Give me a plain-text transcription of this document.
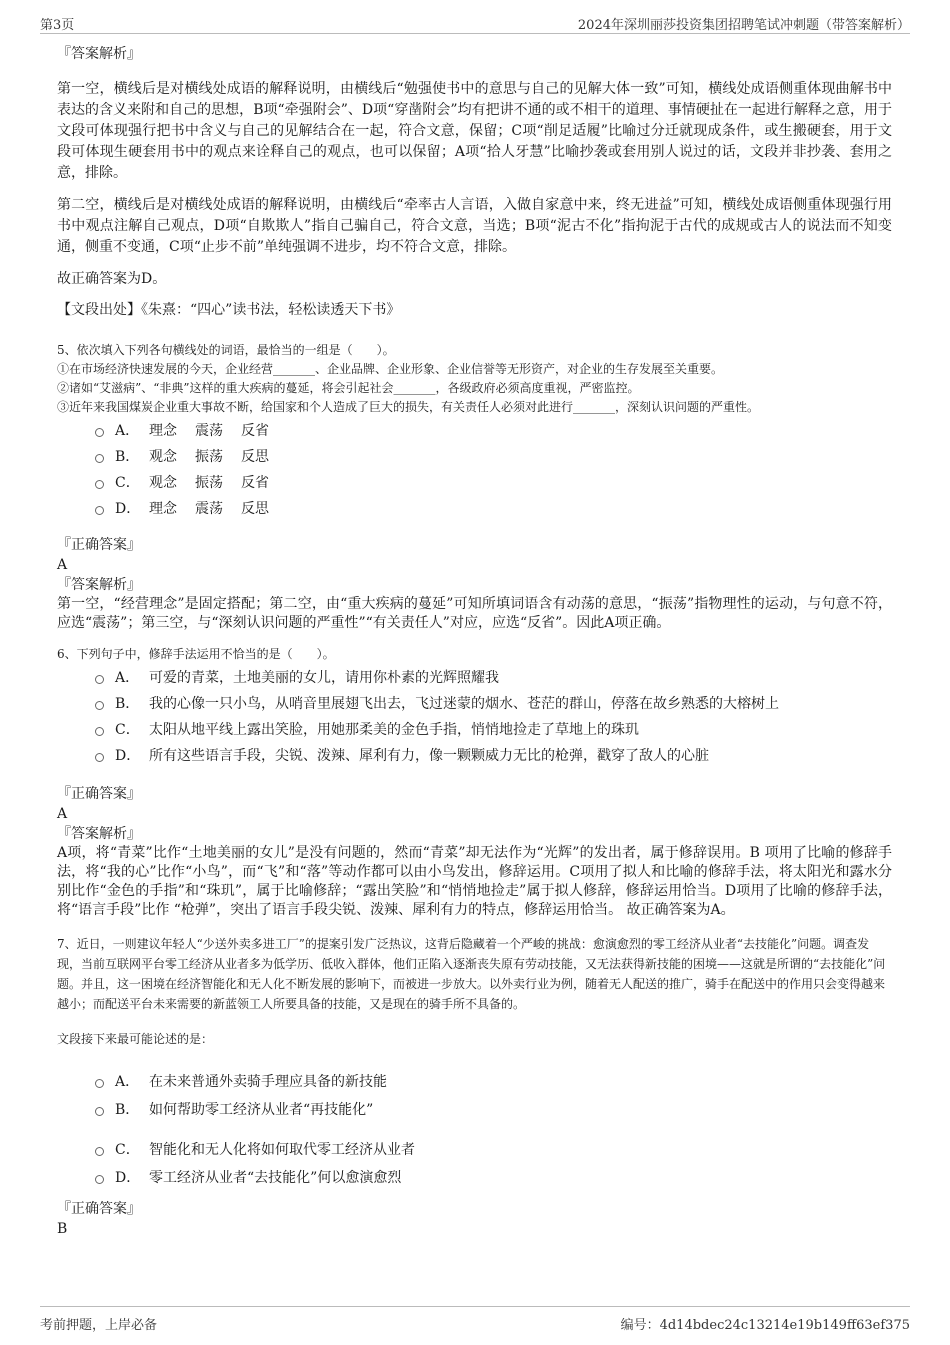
第3页	2024年深圳丽莎投资集团招聘笔试冲刺题（带答案解析）

『答案解析』

第一空，横线后是对横线处成语的解释说明，由横线后“勉强使书中的意思与自己的见解大体一致”可知，横线处成语侧重体现曲解书中表达的含义来附和自己的思想，B项“牵强附会”、D项“穿凿附会”均有把讲不通的或不相干的道理、事情硬扯在一起进行解释之意，用于文段可体现强行把书中含义与自己的见解结合在一起，符合文意，保留；C项“削足适履”比喻过分迁就现成条件，或生搬硬套，用于文段可体现生硬套用书中的观点来诠释自己的观点，也可以保留；A项“拾人牙慧”比喻抄袭或套用别人说过的话，文段并非抄袭、套用之意，排除。

第二空，横线后是对横线处成语的解释说明，由横线后“牵率古人言语，入做自家意中来，终无进益”可知，横线处成语侧重体现强行用书中观点注解自己观点，D项“自欺欺人”指自己骗自己，符合文意，当选；B项“泥古不化”指拘泥于古代的成规或古人的说法而不知变通，侧重不变通，C项“止步不前”单纯强调不进步，均不符合文意，排除。

故正确答案为D。

【文段出处】《朱熹：“四心”读书法，轻松读透天下书》

5、依次填入下列各句横线处的词语，最恰当的一组是（　　）。

①在市场经济快速发展的今天，企业经营_______、企业品牌、企业形象、企业信誉等无形资产，对企业的生存发展至关重要。

②诸如“艾滋病”、“非典”这样的重大疾病的蔓延，将会引起社会_______，各级政府必须高度重视，严密监控。

③近年来我国煤炭企业重大事故不断，给国家和个人造成了巨大的损失，有关责任人必须对此进行_______，深刻认识问题的严重性。

A． 理念 震荡 反省
B． 观念 振荡 反思
C． 观念 振荡 反省
D． 理念 震荡 反思

『正确答案』

A

『答案解析』

第一空，“经营理念”是固定搭配；第二空，由“重大疾病的蔓延”可知所填词语含有动荡的意思，“振荡”指物理性的运动，与句意不符，应选“震荡”；第三空，与“深刻认识问题的严重性”“有关责任人”对应，应选“反省”。因此A项正确。

6、下列句子中，修辞手法运用不恰当的是（　　）。

A． 可爱的青菜，土地美丽的女儿，请用你朴素的光辉照耀我
B． 我的心像一只小鸟，从哨音里展翅飞出去，飞过迷蒙的烟水、苍茫的群山，停落在故乡熟悉的大榕树上
C． 太阳从地平线上露出笑脸，用她那柔美的金色手指，悄悄地捡走了草地上的珠玑
D． 所有这些语言手段，尖锐、泼辣、犀利有力，像一颗颗威力无比的枪弹，戳穿了敌人的心脏

『正确答案』

A

『答案解析』

A项，将“青菜”比作“土地美丽的女儿”是没有问题的，然而“青菜”却无法作为“光辉”的发出者，属于修辞误用。B 项用了比喻的修辞手法，将“我的心”比作“小鸟”，而“飞”和“落”等动作都可以由小鸟发出，修辞运用。C项用了拟人和比喻的修辞手法，将太阳光和露水分 别比作“金色的手指”和“珠玑”，属于比喻修辞；“露出笑脸”和“悄悄地捡走”属于拟人修辞，修辞运用恰当。D项用了比喻的修辞手法，将“语言手段”比作 “枪弹”，突出了语言手段尖锐、泼辣、犀利有力的特点，修辞运用恰当。 故正确答案为A。

7、近日，一则建议年轻人“少送外卖多进工厂”的提案引发广泛热议，这背后隐藏着一个严峻的挑战：愈演愈烈的零工经济从业者“去技能化”问题。调查发现，当前互联网平台零工经济从业者多为低学历、低收入群体，他们正陷入逐渐丧失原有劳动技能，又无法获得新技能的困境——这就是所谓的“去技能化”问题。并且，这一困境在经济智能化和无人化不断发展的影响下，而被进一步放大。以外卖行业为例，随着无人配送的推广，骑手在配送中的作用只会变得越来越小；而配送平台未来需要的新蓝领工人所要具备的技能，又是现在的骑手所不具备的。

文段接下来最可能论述的是：

A． 在未来普通外卖骑手理应具备的新技能
B． 如何帮助零工经济从业者“再技能化”
C． 智能化和无人化将如何取代零工经济从业者
D． 零工经济从业者“去技能化”何以愈演愈烈

『正确答案』

B

考前押题，上岸必备	编号：4d14bdec24c13214e19b149ff63ef375
